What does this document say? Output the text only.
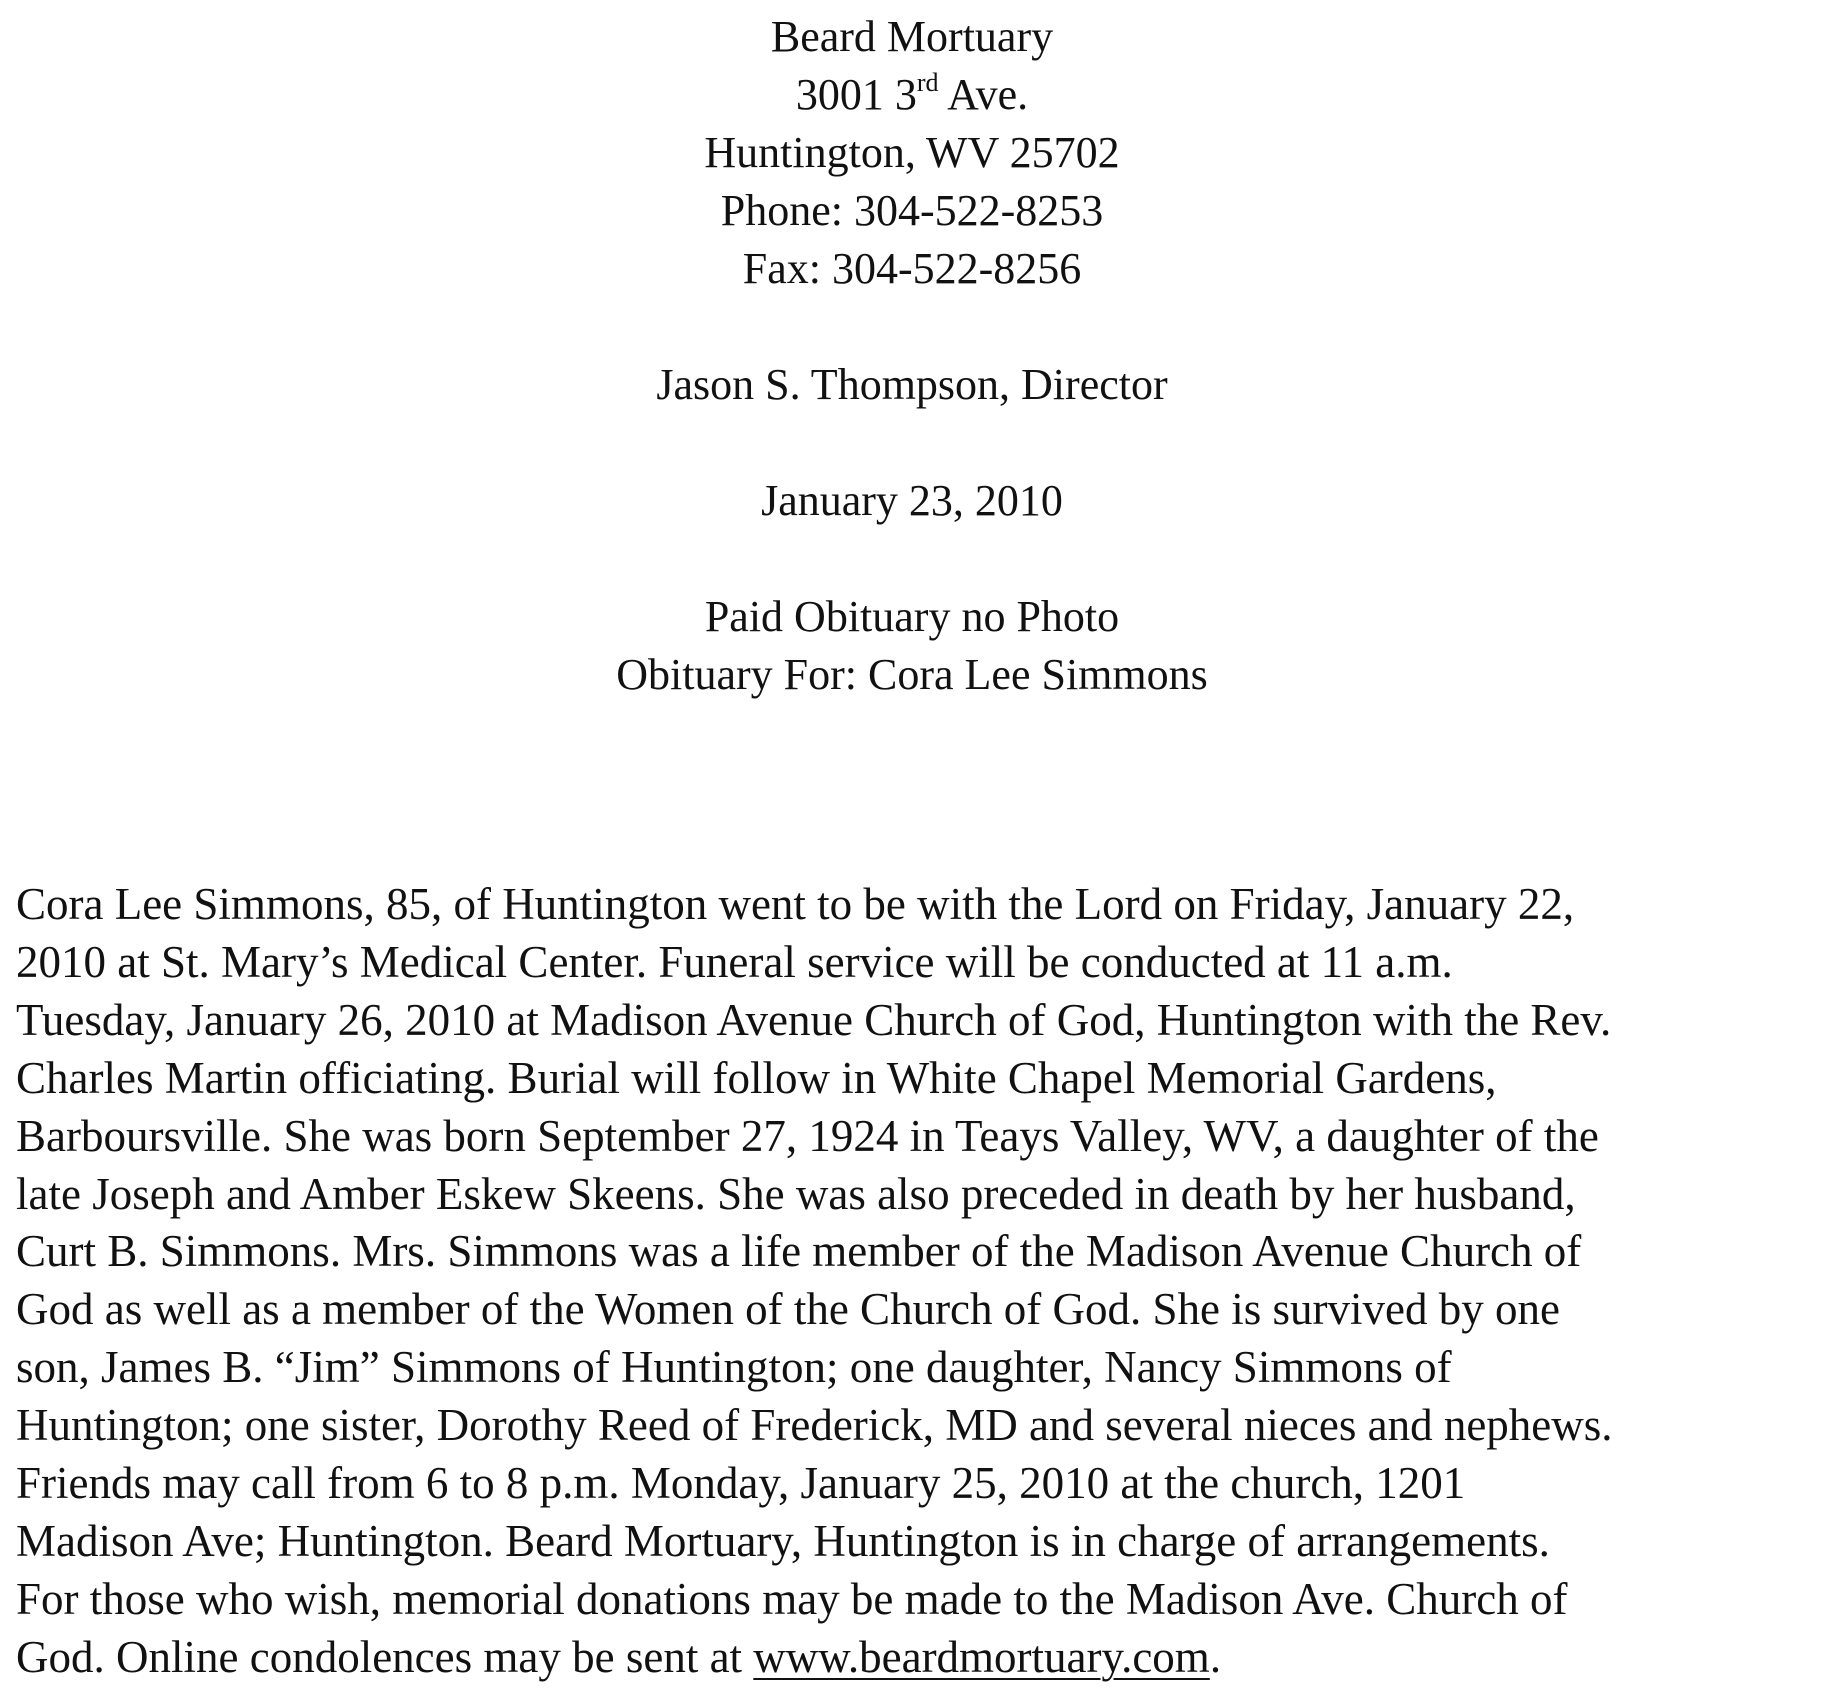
Beard Mortuary
3001 3rd Ave.
Huntington, WV 25702
Phone: 304-522-8253
Fax: 304-522-8256
Jason S. Thompson, Director
January 23, 2010
Paid Obituary no Photo
Obituary For: Cora Lee Simmons
Cora Lee Simmons, 85, of Huntington went to be with the Lord on Friday, January 22,
2010 at St. Mary’s Medical Center. Funeral service will be conducted at 11 a.m.
Tuesday, January 26, 2010 at Madison Avenue Church of God, Huntington with the Rev.
Charles Martin officiating. Burial will follow in White Chapel Memorial Gardens,
Barboursville. She was born September 27, 1924 in Teays Valley, WV, a daughter of the
late Joseph and Amber Eskew Skeens. She was also preceded in death by her husband,
Curt B. Simmons. Mrs. Simmons was a life member of the Madison Avenue Church of
God as well as a member of the Women of the Church of God. She is survived by one
son, James B. “Jim” Simmons of Huntington; one daughter, Nancy Simmons of
Huntington; one sister, Dorothy Reed of Frederick, MD and several nieces and nephews.
Friends may call from 6 to 8 p.m. Monday, January 25, 2010 at the church, 1201
Madison Ave; Huntington. Beard Mortuary, Huntington is in charge of arrangements.
For those who wish, memorial donations may be made to the Madison Ave. Church of
God. Online condolences may be sent at www.beardmortuary.com.
